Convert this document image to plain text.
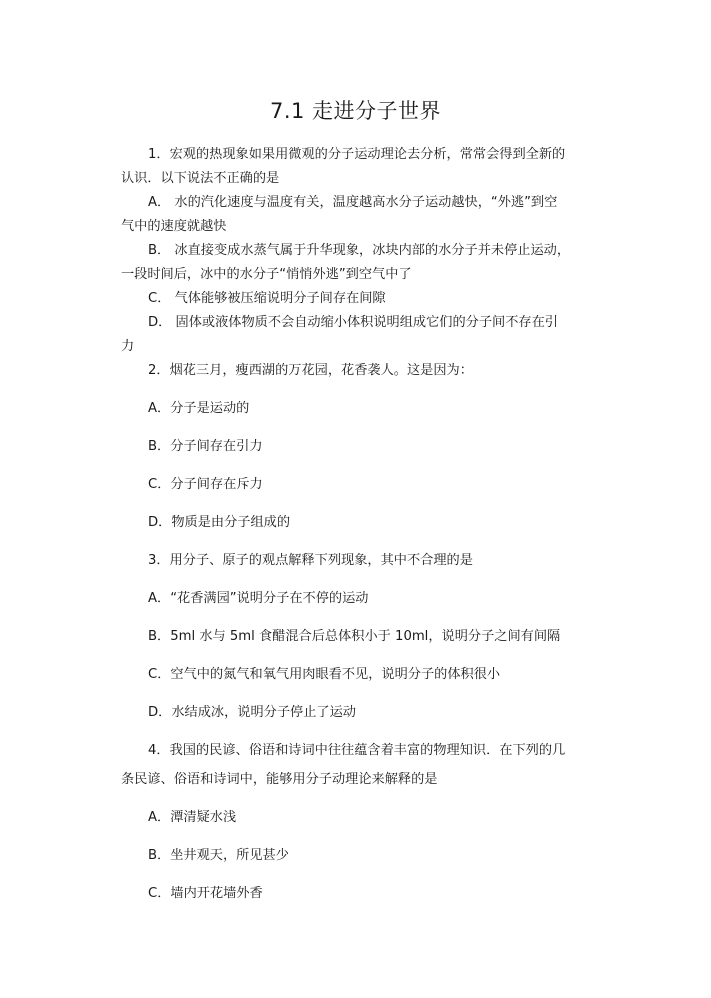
7.1 走进分子世界
1．宏观的热现象如果用微观的分子运动理论去分析，常常会得到全新的
认识．以下说法不正确的是
A． 水的汽化速度与温度有关，温度越高水分子运动越快，“外逃”到空
气中的速度就越快
B． 冰直接变成水蒸气属于升华现象，冰块内部的水分子并未停止运动，
一段时间后，冰中的水分子“悄悄外逃”到空气中了
C． 气体能够被压缩说明分子间存在间隙
D． 固体或液体物质不会自动缩小体积说明组成它们的分子间不存在引
力
2．烟花三月，瘦西湖的万花园，花香袭人。这是因为：
A．分子是运动的
B．分子间存在引力
C．分子间存在斥力
D．物质是由分子组成的
3．用分子、原子的观点解释下列现象，其中不合理的是
A．“花香满园”说明分子在不停的运动
B．5ml 水与 5ml 食醋混合后总体积小于 10ml，说明分子之间有间隔
C．空气中的氮气和氧气用肉眼看不见，说明分子的体积很小
D．水结成冰，说明分子停止了运动
4．我国的民谚、俗语和诗词中往往蕴含着丰富的物理知识．在下列的几
条民谚、俗语和诗词中，能够用分子动理论来解释的是
A．潭清疑水浅
B．坐井观天，所见甚少
C．墙内开花墙外香
